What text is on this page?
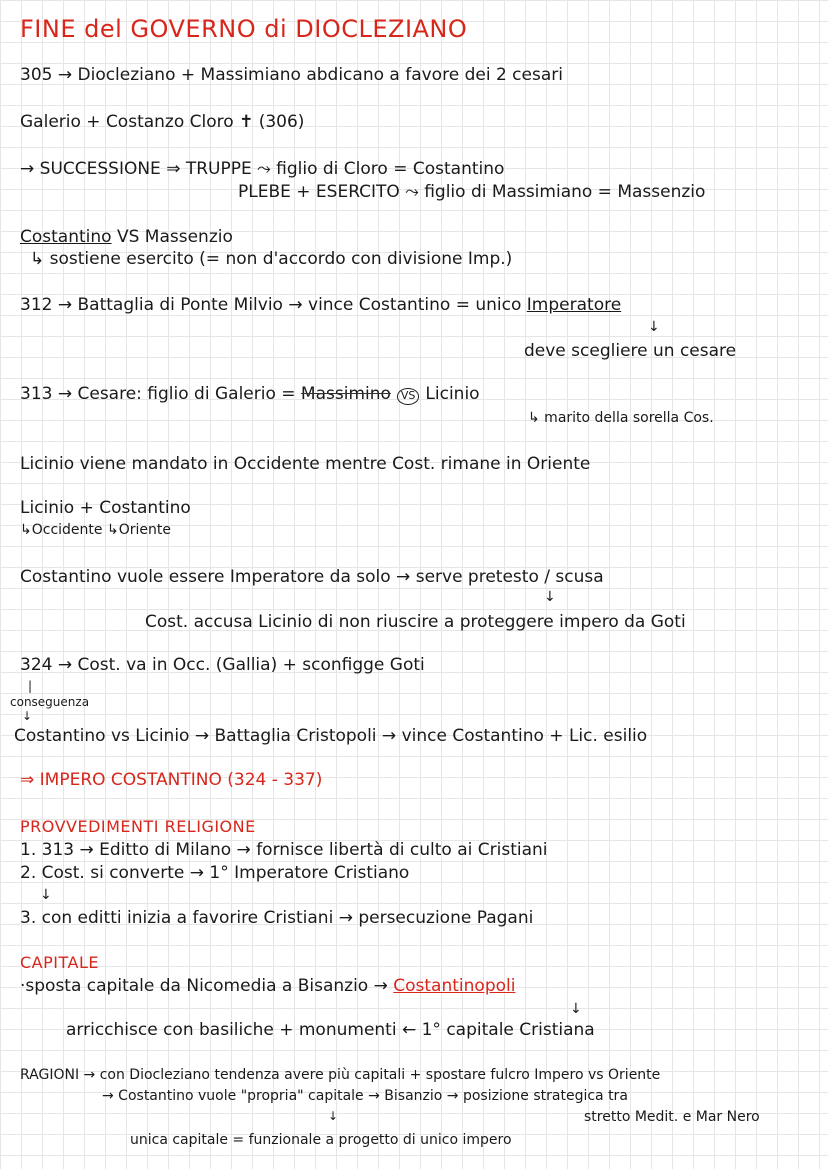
FINE del GOVERNO di DIOCLEZIANO
305 → Diocleziano + Massimiano abdicano a favore dei 2 cesari
Galerio + Costanzo Cloro ✝ (306)
→ SUCCESSIONE ⇒ TRUPPE ⤳ figlio di Cloro = Costantino
PLEBE + ESERCITO ⤳ figlio di Massimiano = Massenzio
Costantino VS Massenzio
↳ sostiene esercito (= non d'accordo con divisione Imp.)
312 → Battaglia di Ponte Milvio → vince Costantino = unico Imperatore
↓
deve scegliere un cesare
313 → Cesare: figlio di Galerio = Massimino VS Licinio
↳ marito della sorella Cos.
Licinio viene mandato in Occidente mentre Cost. rimane in Oriente
Licinio + Costantino
↳Occidente ↳Oriente
Costantino vuole essere Imperatore da solo → serve pretesto / scusa
↓
Cost. accusa Licinio di non riuscire a proteggere impero da Goti
324 → Cost. va in Occ. (Gallia) + sconfigge Goti
|
conseguenza
↓
Costantino vs Licinio → Battaglia Cristopoli → vince Costantino + Lic. esilio
⇒ IMPERO COSTANTINO (324 - 337)
PROVVEDIMENTI RELIGIONE
1. 313 → Editto di Milano → fornisce libertà di culto ai Cristiani
2. Cost. si converte → 1° Imperatore Cristiano
↓
3. con editti inizia a favorire Cristiani → persecuzione Pagani
CAPITALE
·sposta capitale da Nicomedia a Bisanzio → Costantinopoli
↓
arricchisce con basiliche + monumenti ← 1° capitale Cristiana
RAGIONI → con Diocleziano tendenza avere più capitali + spostare fulcro Impero vs Oriente
→ Costantino vuole "propria" capitale → Bisanzio → posizione strategica tra
stretto Medit. e Mar Nero
↓
unica capitale = funzionale a progetto di unico impero
